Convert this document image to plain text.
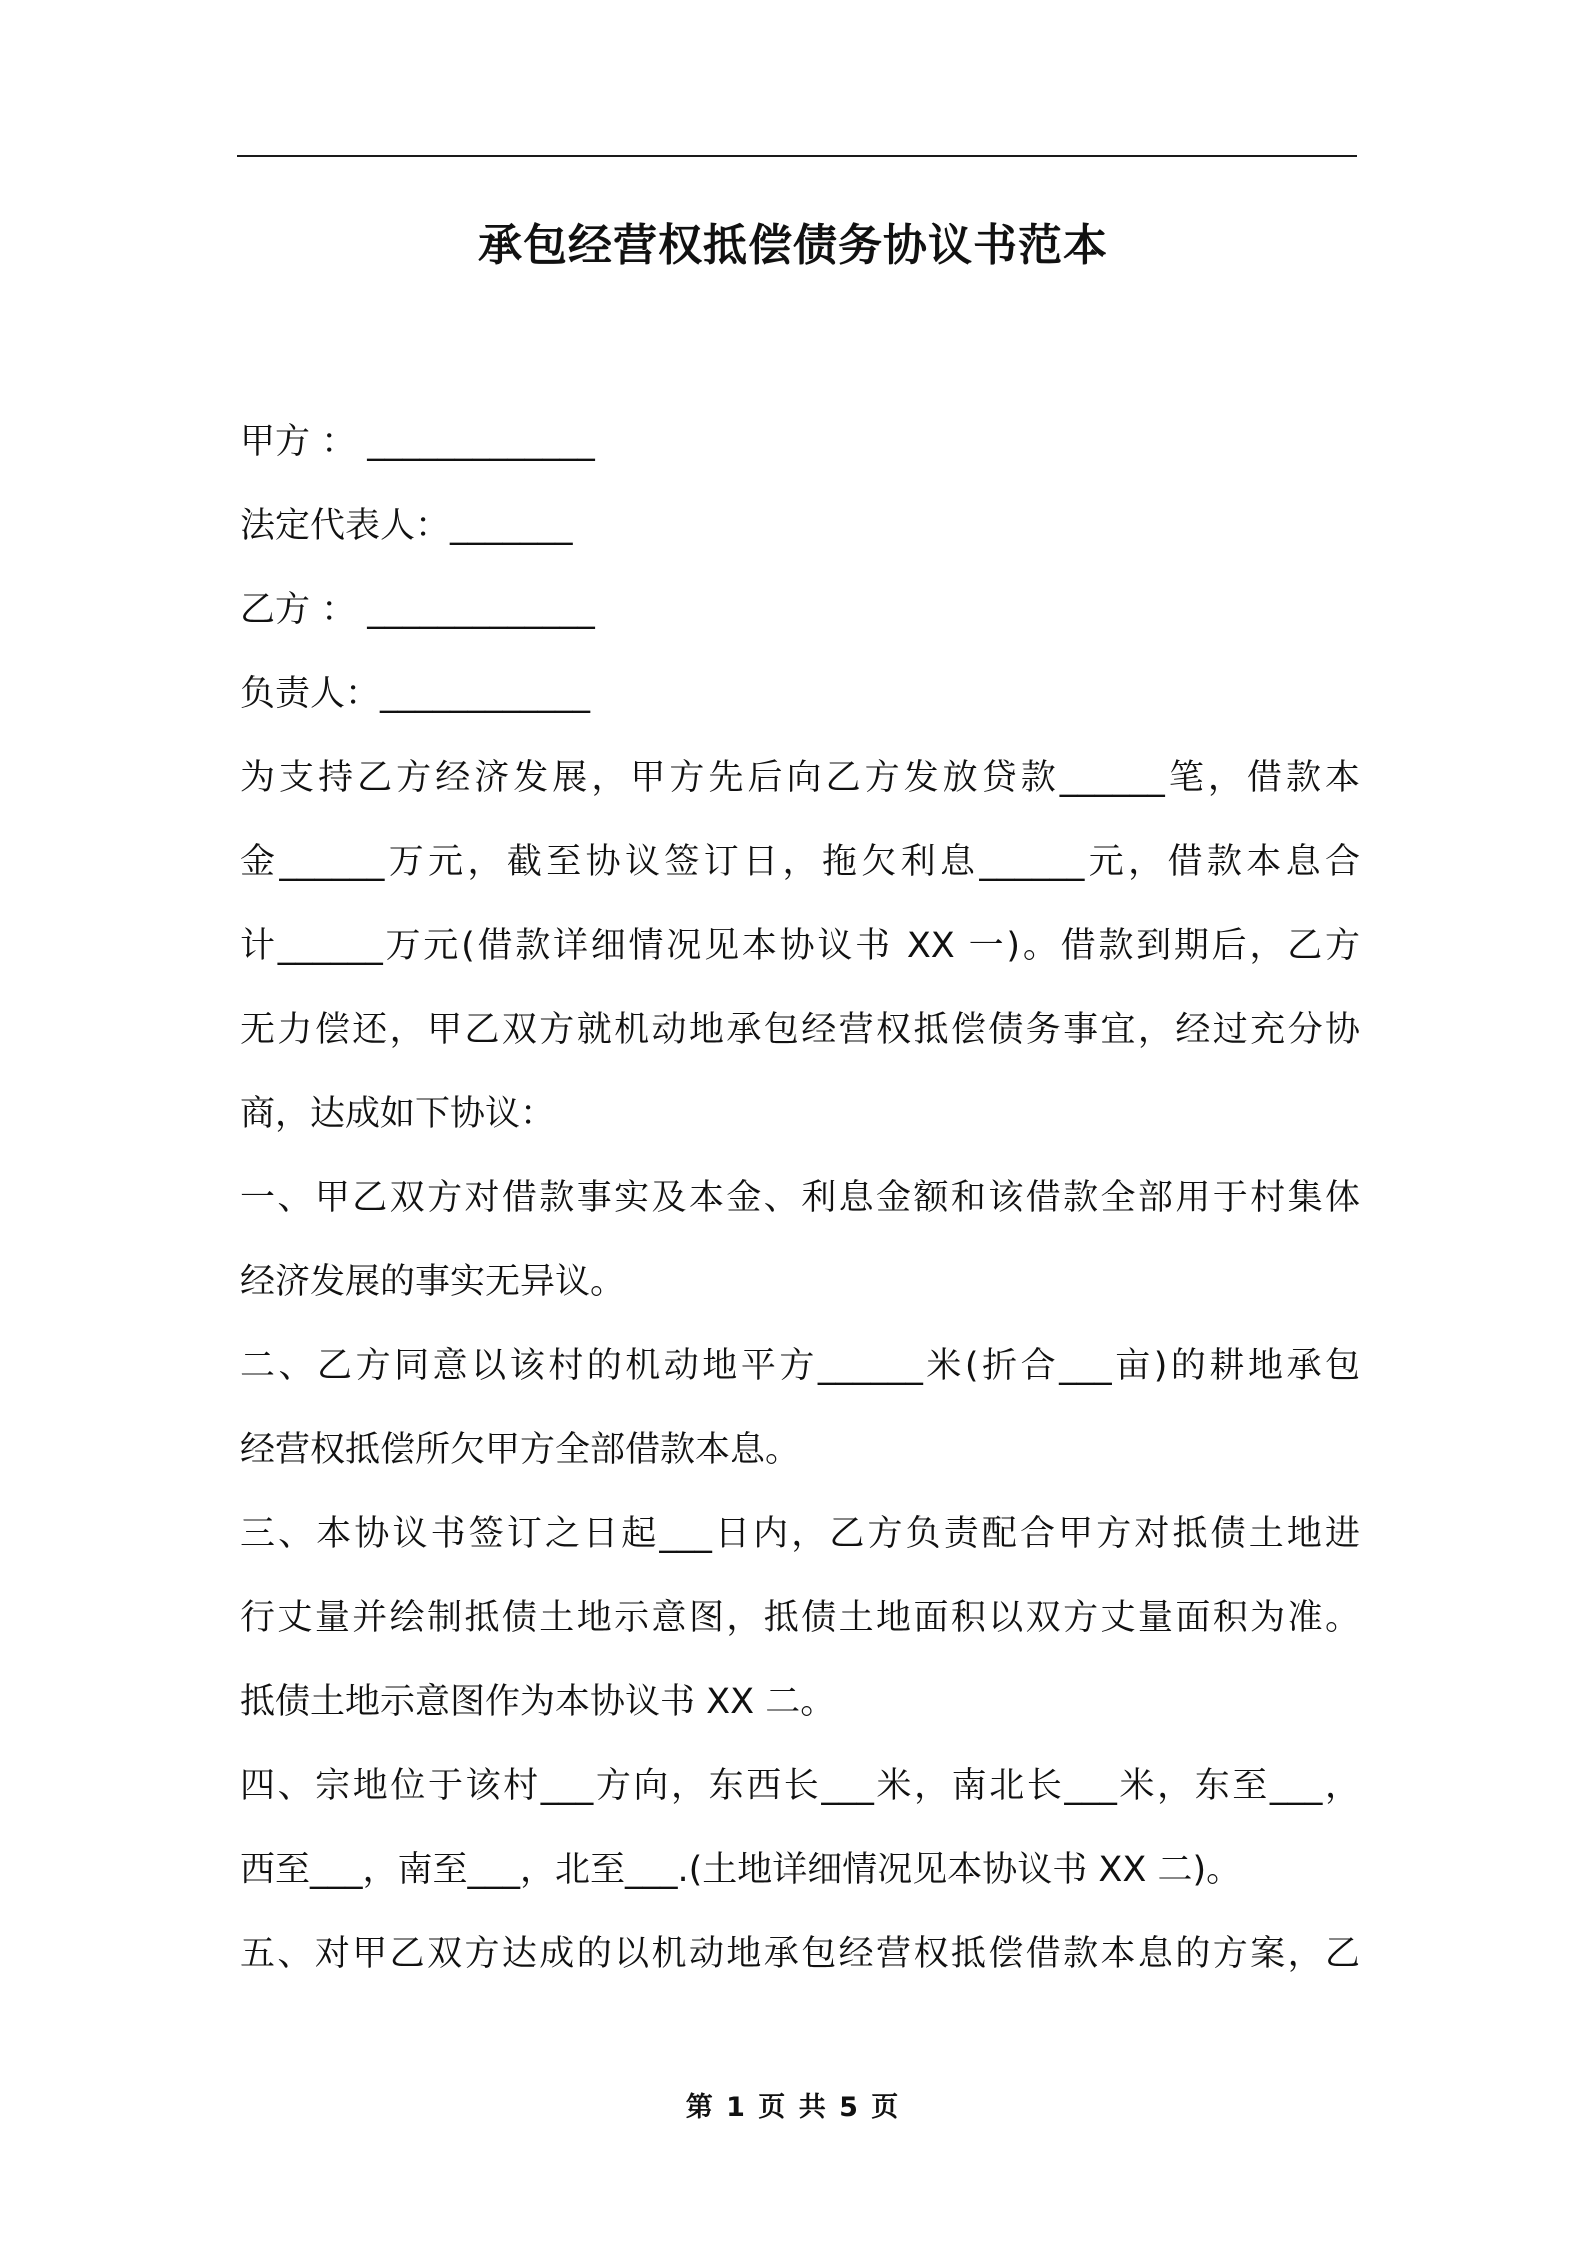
承包经营权抵偿债务协议书范本
甲方 ： _____________
法定代表人：_______
乙方 ： _____________
负责人：____________
为支持乙方经济发展，甲方先后向乙方发放贷款______笔，借款本
金______万元，截至协议签订日，拖欠利息______元，借款本息合
计______万元(借款详细情况见本协议书 XX 一)。借款到期后，乙方
无力偿还，甲乙双方就机动地承包经营权抵偿债务事宜，经过充分协
商，达成如下协议：
一、甲乙双方对借款事实及本金、利息金额和该借款全部用于村集体
经济发展的事实无异议。
二、乙方同意以该村的机动地平方______米(折合___亩)的耕地承包
经营权抵偿所欠甲方全部借款本息。
三、本协议书签订之日起___日内，乙方负责配合甲方对抵债土地进
行丈量并绘制抵债土地示意图，抵债土地面积以双方丈量面积为准。
抵债土地示意图作为本协议书 XX 二。
四、宗地位于该村___方向，东西长___米，南北长___米，东至___，
西至___，南至___，北至___.(土地详细情况见本协议书 XX 二)。
五、对甲乙双方达成的以机动地承包经营权抵偿借款本息的方案，乙
第 1 页 共 5 页
